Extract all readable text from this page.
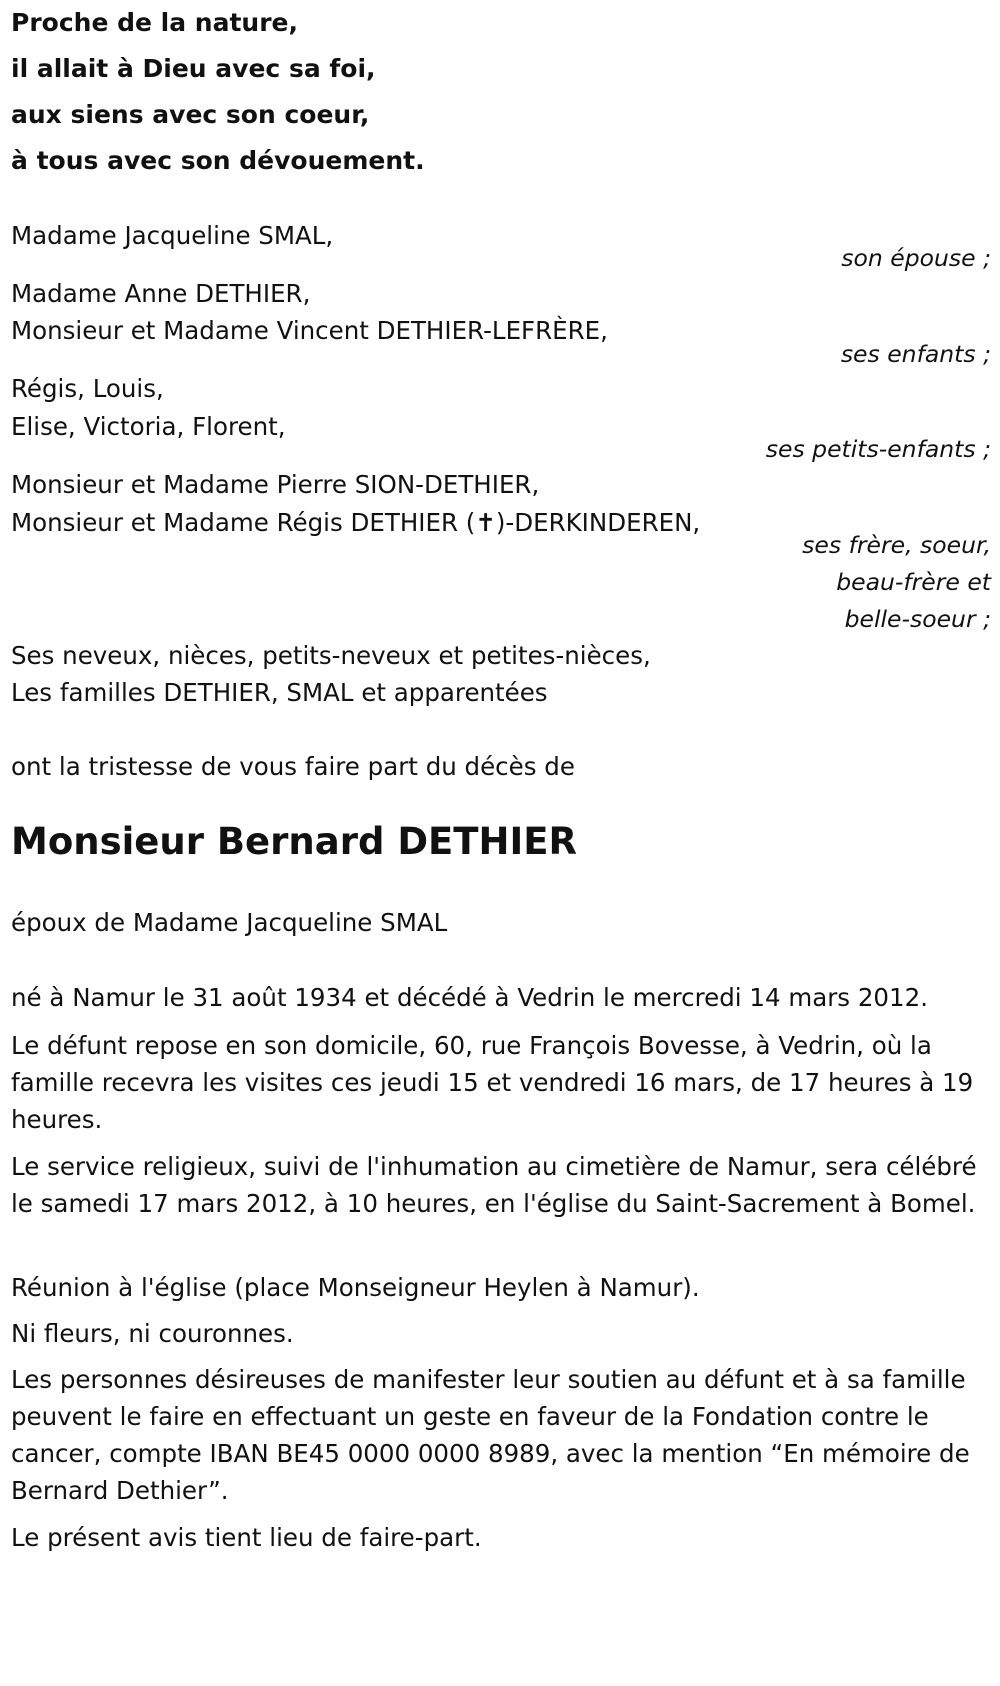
Proche de la nature,
il allait à Dieu avec sa foi,
aux siens avec son coeur,
à tous avec son dévouement.
Madame Jacqueline SMAL,
son épouse ;
Madame Anne DETHIER,
Monsieur et Madame Vincent DETHIER-LEFRÈRE,
ses enfants ;
Régis, Louis,
Elise, Victoria, Florent,
ses petits-enfants ;
Monsieur et Madame Pierre SION-DETHIER,
Monsieur et Madame Régis DETHIER (✝)-DERKINDEREN,
ses frère, soeur,
beau-frère et
belle-soeur ;
Ses neveux, nièces, petits-neveux et petites-nièces,
Les familles DETHIER, SMAL et apparentées
ont la tristesse de vous faire part du décès de
Monsieur Bernard DETHIER
époux de Madame Jacqueline SMAL
né à Namur le 31 août 1934 et décédé à Vedrin le mercredi 14 mars 2012.
Le défunt repose en son domicile, 60, rue François Bovesse, à Vedrin, où la famille recevra les visites ces jeudi 15 et vendredi 16 mars, de 17 heures à 19 heures.
Le service religieux, suivi de l'inhumation au cimetière de Namur, sera célébré le samedi 17 mars 2012, à 10 heures, en l'église du Saint-Sacrement à Bomel.
Réunion à l'église (place Monseigneur Heylen à Namur).
Ni fleurs, ni couronnes.
Les personnes désireuses de manifester leur soutien au défunt et à sa famille peuvent le faire en effectuant un geste en faveur de la Fondation contre le cancer, compte IBAN BE45 0000 0000 8989, avec la mention “En mémoire de Bernard Dethier”.
Le présent avis tient lieu de faire-part.
